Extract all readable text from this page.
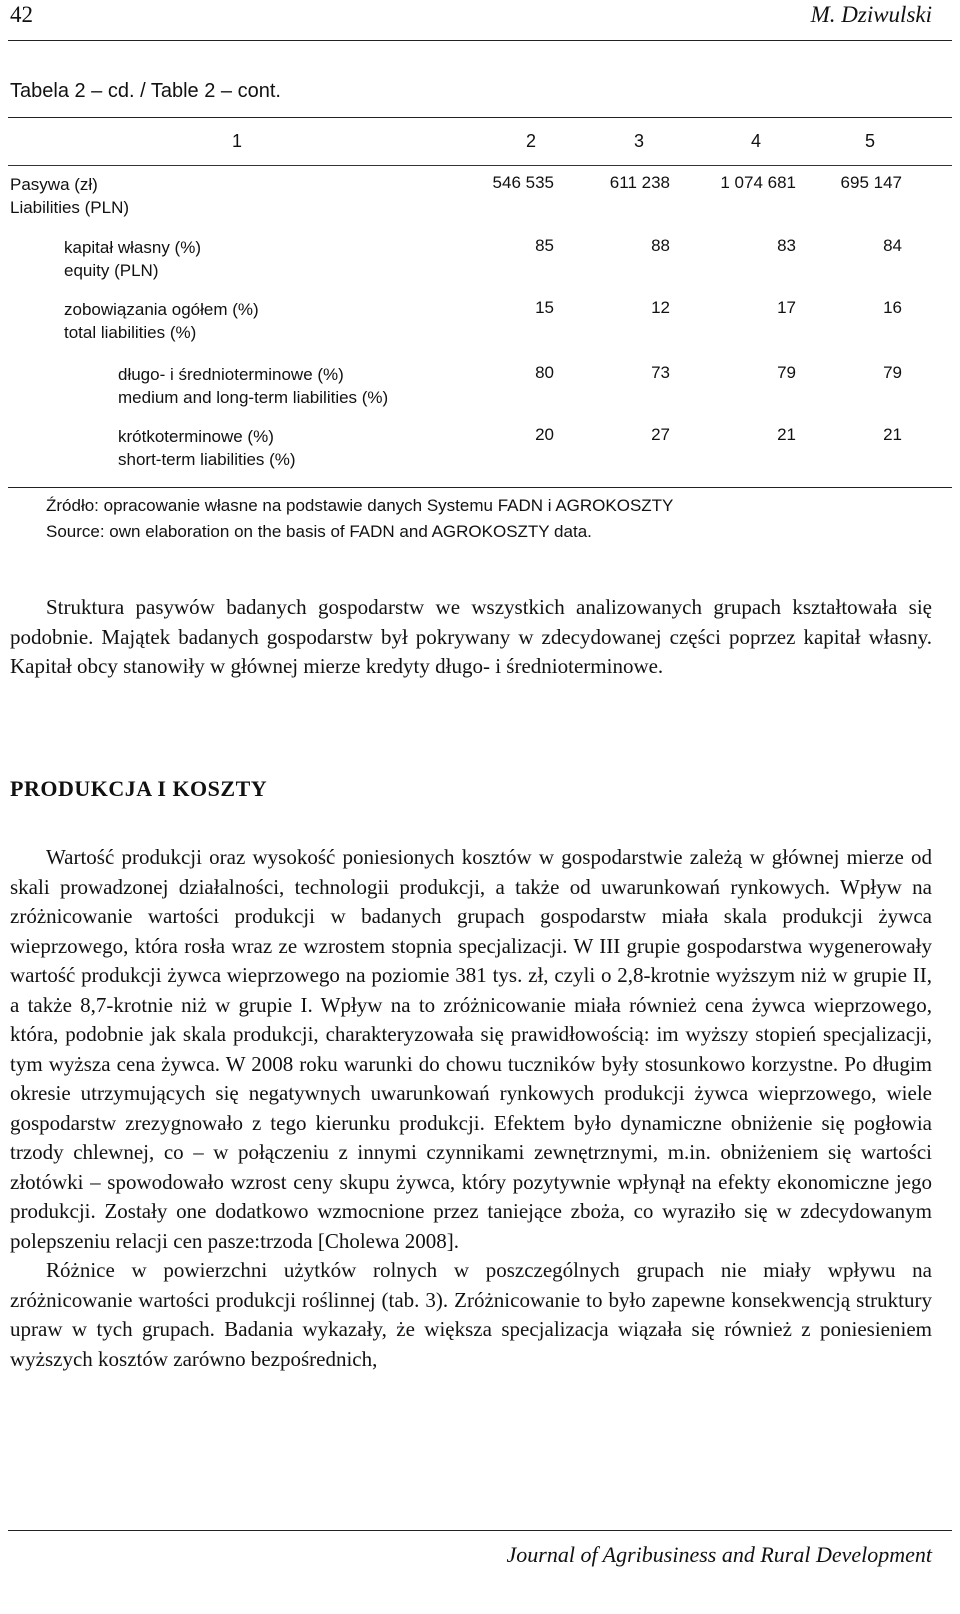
42	M. Dziwulski
Tabela 2 – cd. / Table 2 – cont.
1	2	3	4	5
Pasywa (zł)
Liabilities (PLN)
546 535	611 238	1 074 681	695 147
kapitał własny (%)
equity (PLN)
85	88	83	84
zobowiązania ogółem (%)
total liabilities (%)
15	12	17	16
długo- i średnioterminowe (%)
medium and long-term liabilities (%)
80	73	79	79
krótkoterminowe (%)
short-term liabilities (%)
20	27	21	21
Źródło: opracowanie własne na podstawie danych Systemu FADN i AGROKOSZTY
Source: own elaboration on the basis of FADN and AGROKOSZTY data.

Struktura pasywów badanych gospodarstw we wszystkich analizowanych grupach kształtowała się podobnie. Majątek badanych gospodarstw był pokrywany w zdecydowanej części poprzez kapitał własny. Kapitał obcy stanowiły w głównej mierze kredyty długo- i średnioterminowe.

PRODUKCJA I KOSZTY

Wartość produkcji oraz wysokość poniesionych kosztów w gospodarstwie zależą w głównej mierze od skali prowadzonej działalności, technologii produkcji, a także od uwarunkowań rynkowych. Wpływ na zróżnicowanie wartości produkcji w badanych grupach gospodarstw miała skala produkcji żywca wieprzowego, która rosła wraz ze wzrostem stopnia specjalizacji. W III grupie gospodarstwa wygenerowały wartość produkcji żywca wieprzowego na poziomie 381 tys. zł, czyli o 2,8-krotnie wyższym niż w grupie II, a także 8,7-krotnie niż w grupie I. Wpływ na to zróżnicowanie miała również cena żywca wieprzowego, która, podobnie jak skala produkcji, charakteryzowała się prawidłowością: im wyższy stopień specjalizacji, tym wyższa cena żywca. W 2008 roku warunki do chowu tuczników były stosunkowo korzystne. Po długim okresie utrzymujących się negatywnych uwarunkowań rynkowych produkcji żywca wieprzowego, wiele gospodarstw zrezygnowało z tego kierunku produkcji. Efektem było dynamiczne obniżenie się pogłowia trzody chlewnej, co – w połączeniu z innymi czynnikami zewnętrznymi, m.in. obniżeniem się wartości złotówki – spowodowało wzrost ceny skupu żywca, który pozytywnie wpłynął na efekty ekonomiczne jego produkcji. Zostały one dodatkowo wzmocnione przez taniejące zboża, co wyraziło się w zdecydowanym polepszeniu relacji cen pasze:trzoda [Cholewa 2008].

Różnice w powierzchni użytków rolnych w poszczególnych grupach nie miały wpływu na zróżnicowanie wartości produkcji roślinnej (tab. 3). Zróżnicowanie to było zapewne konsekwencją struktury upraw w tych grupach. Badania wykazały, że większa specjalizacja wiązała się również z poniesieniem wyższych kosztów zarówno bezpośrednich,

Journal of Agribusiness and Rural Development
